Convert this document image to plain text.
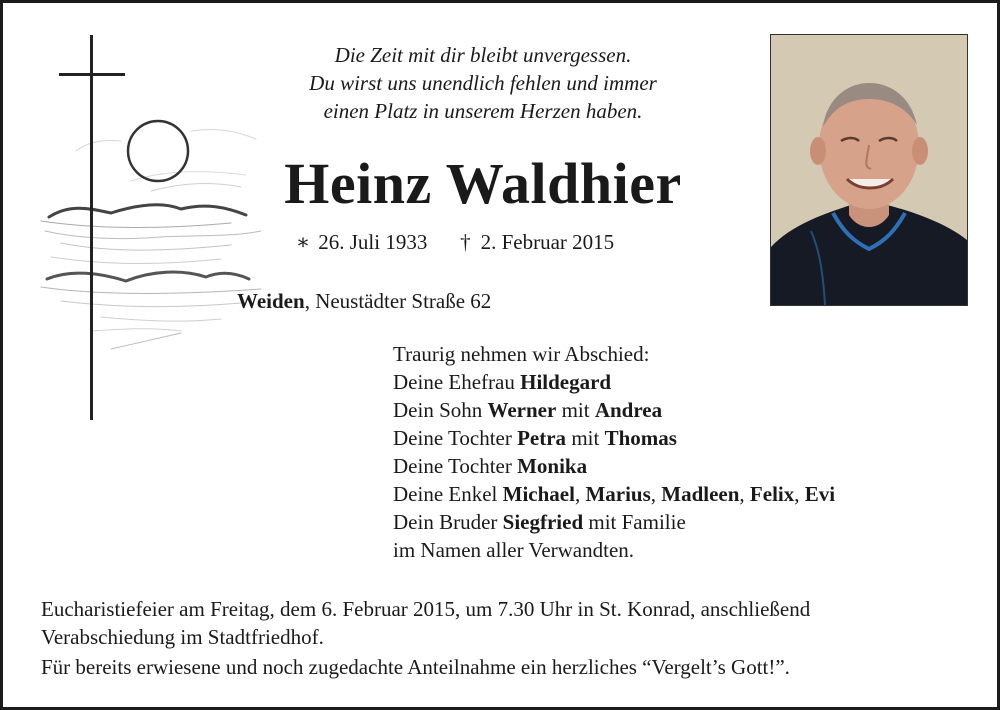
Die Zeit mit dir bleibt unvergessen.
Du wirst uns unendlich fehlen und immer
einen Platz in unserem Herzen haben.
Heinz Waldhier
∗ 26. Juli 1933 † 2. Februar 2015
Weiden, Neustädter Straße 62
Traurig nehmen wir Abschied:
Deine Ehefrau Hildegard
Dein Sohn Werner mit Andrea
Deine Tochter Petra mit Thomas
Deine Tochter Monika
Deine Enkel Michael, Marius, Madleen, Felix, Evi
Dein Bruder Siegfried mit Familie
im Namen aller Verwandten.
Eucharistiefeier am Freitag, dem 6. Februar 2015, um 7.30 Uhr in St. Konrad, anschließend
Verabschiedung im Stadtfriedhof.
Für bereits erwiesene und noch zugedachte Anteilnahme ein herzliches “Vergelt’s Gott!”.
